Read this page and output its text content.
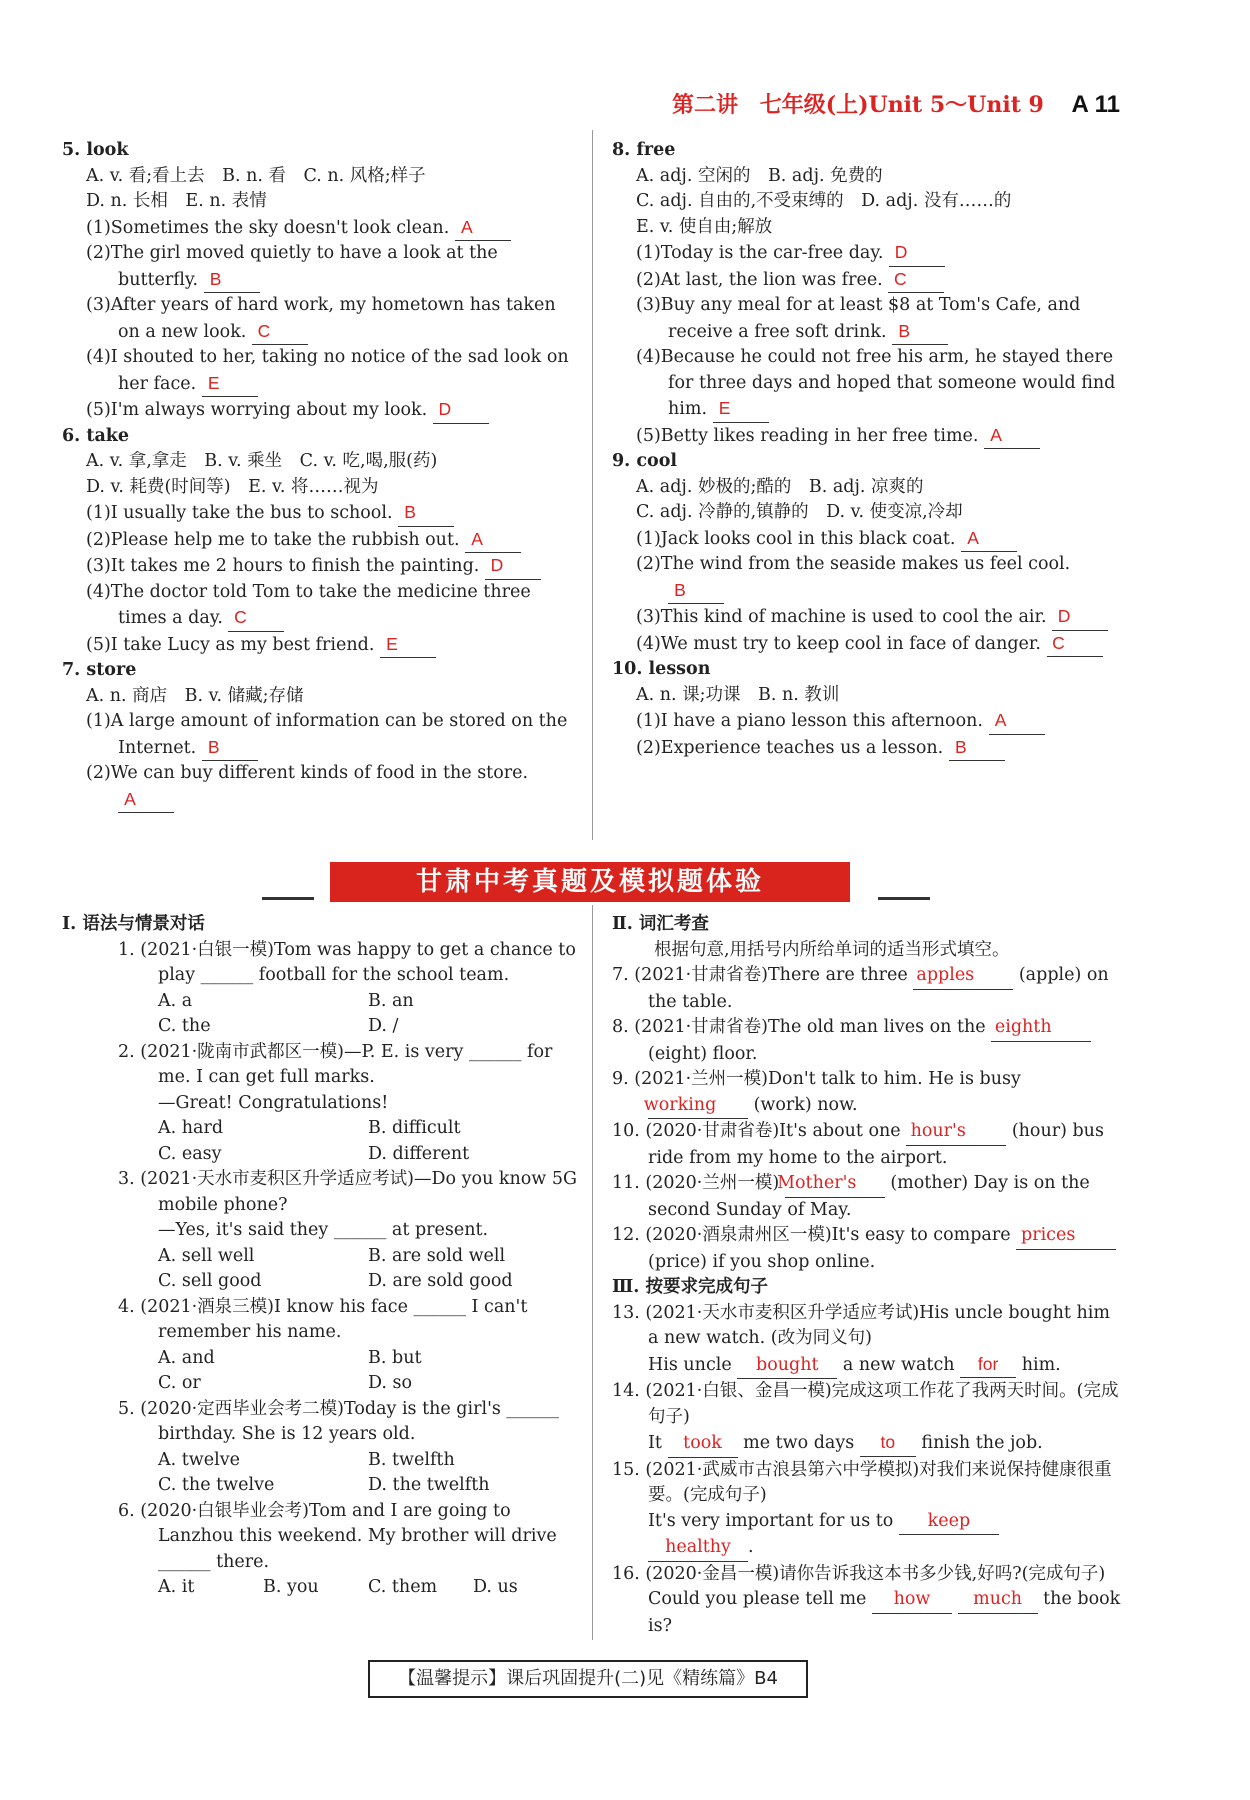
第二讲 七年级(上)Unit 5～Unit 9 A 11
5. look
A. v. 看;看上去　B. n. 看　C. n. 风格;样子
D. n. 长相　E. n. 表情
(1)Sometimes the sky doesn't look clean. A
(2)The girl moved quietly to have a look at the butterfly. B
(3)After years of hard work, my hometown has taken on a new look. C
(4)I shouted to her, taking no notice of the sad look on her face. E
(5)I'm always worrying about my look. D
6. take
A. v. 拿,拿走　B. v. 乘坐　C. v. 吃,喝,服(药)
D. v. 耗费(时间等)　E. v. 将……视为
(1)I usually take the bus to school. B
(2)Please help me to take the rubbish out. A
(3)It takes me 2 hours to finish the painting. D
(4)The doctor told Tom to take the medicine three times a day. C
(5)I take Lucy as my best friend. E
7. store
A. n. 商店　B. v. 储藏;存储
(1)A large amount of information can be stored on the Internet. B
(2)We can buy different kinds of food in the store. A
8. free
A. adj. 空闲的　B. adj. 免费的
C. adj. 自由的,不受束缚的　D. adj. 没有……的
E. v. 使自由;解放
(1)Today is the car-free day. D
(2)At last, the lion was free. C
(3)Buy any meal for at least $8 at Tom's Cafe, and receive a free soft drink. B
(4)Because he could not free his arm, he stayed there for three days and hoped that someone would find him. E
(5)Betty likes reading in her free time. A
9. cool
A. adj. 妙极的;酷的　B. adj. 凉爽的
C. adj. 冷静的,镇静的　D. v. 使变凉,冷却
(1)Jack looks cool in this black coat. A
(2)The wind from the seaside makes us feel cool. B
(3)This kind of machine is used to cool the air. D
(4)We must try to keep cool in face of danger. C
10. lesson
A. n. 课;功课　B. n. 教训
(1)I have a piano lesson this afternoon. A
(2)Experience teaches us a lesson. B
甘肃中考真题及模拟题体验
Ⅰ. 语法与情景对话
1. (2021·白银一模)Tom was happy to get a chance to play ______ football for the school team.
A. a	B. an
C. the	D. /
2. (2021·陇南市武都区一模)—P. E. is very ______ for me. I can get full marks.
—Great! Congratulations!
A. hard	B. difficult
C. easy	D. different
3. (2021·天水市麦积区升学适应考试)—Do you know 5G mobile phone?
—Yes, it's said they ______ at present.
A. sell well	B. are sold well
C. sell good	D. are sold good
4. (2021·酒泉三模)I know his face ______ I can't remember his name.
A. and	B. but
C. or	D. so
5. (2020·定西毕业会考二模)Today is the girl's ______ birthday. She is 12 years old.
A. twelve	B. twelfth
C. the twelve	D. the twelfth
6. (2020·白银毕业会考)Tom and I are going to Lanzhou this weekend. My brother will drive ______ there.
A. it	B. you	C. them D. us
Ⅱ. 词汇考查
根据句意,用括号内所给单词的适当形式填空。
7. (2021·甘肃省卷)There are three apples	(apple) on the table.
8. (2021·甘肃省卷)The old man lives on the eighth (eight) floor.
9. (2021·兰州一模)Don't talk to him. He is busy working (work) now.
10. (2020·甘肃省卷)It's about one hour's	(hour) bus ride from my home to the airport.
11. (2020·兰州一模) Mother's (mother) Day is on the second Sunday of May.
12. (2020·酒泉肃州区一模)It's easy to compare prices (price) if you shop online.
Ⅲ. 按要求完成句子
13. (2021·天水市麦积区升学适应考试)His uncle bought him a new watch. (改为同义句)
His uncle bought a new watch for him.
14. (2021·白银、金昌一模)完成这项工作花了我两天时间。(完成句子)
It took me two days to finish the job.
15. (2021·武威市古浪县第六中学模拟)对我们来说保持健康很重要。(完成句子)
It's very important for us to keep
healthy .
16. (2020·金昌一模)请你告诉我这本书多少钱,好吗?(完成句子)
Could you please tell me how much the book is?
【温馨提示】课后巩固提升(二)见《精练篇》B4
